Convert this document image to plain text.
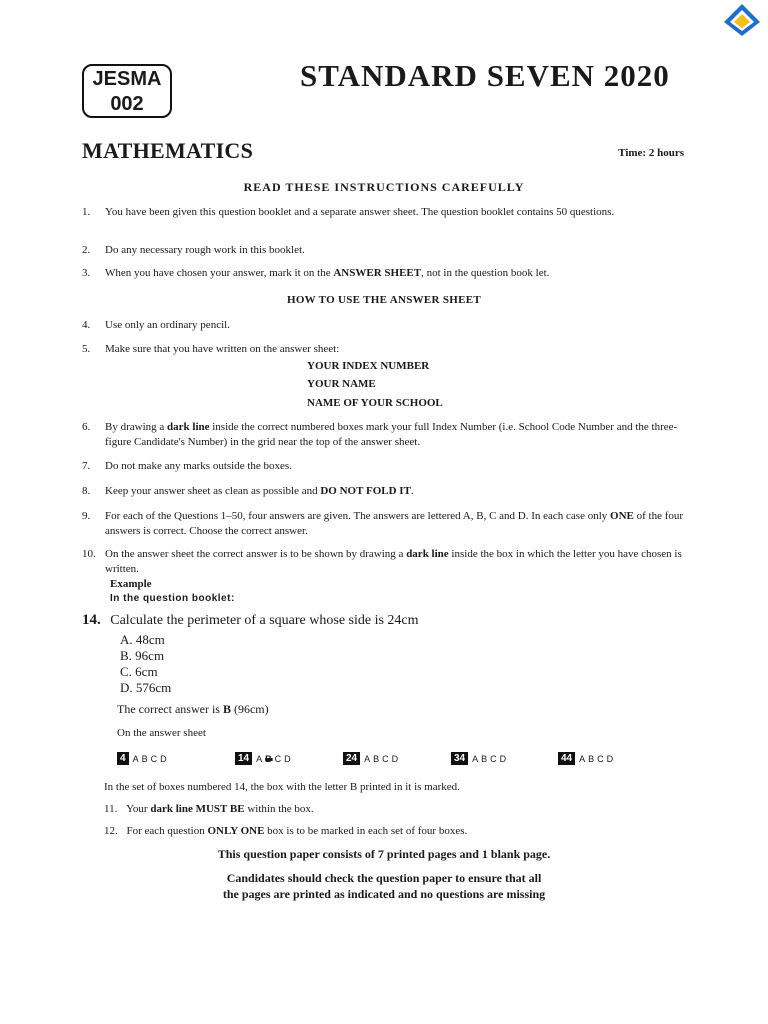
JESMA
002
STANDARD SEVEN 2020
MATHEMATICS	Time: 2 hours
READ THESE INSTRUCTIONS CAREFULLY
1. You have been given this question booklet and a separate answer sheet. The question booklet contains 50 questions.
2. Do any necessary rough work in this booklet.
3. When you have chosen your answer, mark it on the ANSWER SHEET, not in the question book let.
HOW TO USE THE ANSWER SHEET
4. Use only an ordinary pencil.
5. Make sure that you have written on the answer sheet:
YOUR INDEX NUMBER
YOUR NAME
NAME OF YOUR SCHOOL
6. By drawing a dark line inside the correct numbered boxes mark your full Index Number (i.e. School Code Number and the three-figure Candidate's Number) in the grid near the top of the answer sheet.
7. Do not make any marks outside the boxes.
8. Keep your answer sheet as clean as possible and DO NOT FOLD IT.
9. For each of the Questions 1–50, four answers are given. The answers are lettered A, B, C and D. In each case only ONE of the four answers is correct. Choose the correct answer.
10. On the answer sheet the correct answer is to be shown by drawing a dark line inside the box in which the letter you have chosen is written.
Example
In the question booklet:
14. Calculate the perimeter of a square whose side is 24cm
A. 48cm
B. 96cm
C. 6cm
D. 576cm
The correct answer is B (96cm)
On the answer sheet
4 A B C D	14 A B C D	24 A B C D	34 A B C D	44 A B C D
In the set of boxes numbered 14, the box with the letter B printed in it is marked.
11. Your dark line MUST BE within the box.
12. For each question ONLY ONE box is to be marked in each set of four boxes.
This question paper consists of 7 printed pages and 1 blank page.
Candidates should check the question paper to ensure that all
the pages are printed as indicated and no questions are missing
